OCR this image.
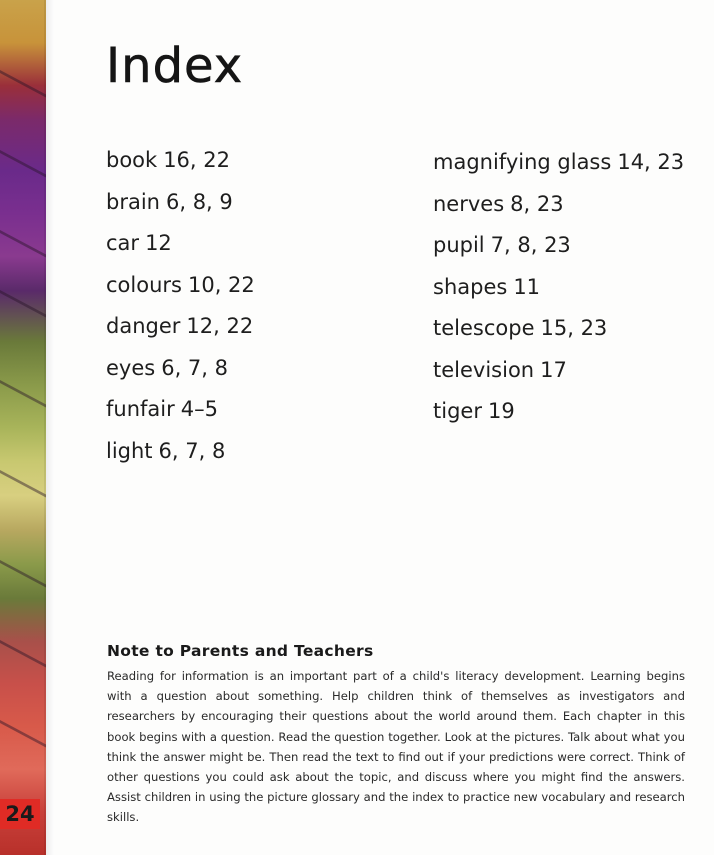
Index
book 16, 22
brain 6, 8, 9
car 12
colours 10, 22
danger 12, 22
eyes 6, 7, 8
funfair 4–5
light 6, 7, 8
magnifying glass 14, 23
nerves 8, 23
pupil 7, 8, 23
shapes 11
telescope 15, 23
television 17
tiger 19
Note to Parents and Teachers

Reading for information is an important part of a child's literacy development. Learning begins with a question about something. Help children think of themselves as investigators and researchers by encouraging their questions about the world around them. Each chapter in this book begins with a question. Read the question together. Look at the pictures. Talk about what you think the answer might be. Then read the text to find out if your predictions were correct. Think of other questions you could ask about the topic, and discuss where you might find the answers. Assist children in using the picture glossary and the index to practice new vocabulary and research skills.

24
